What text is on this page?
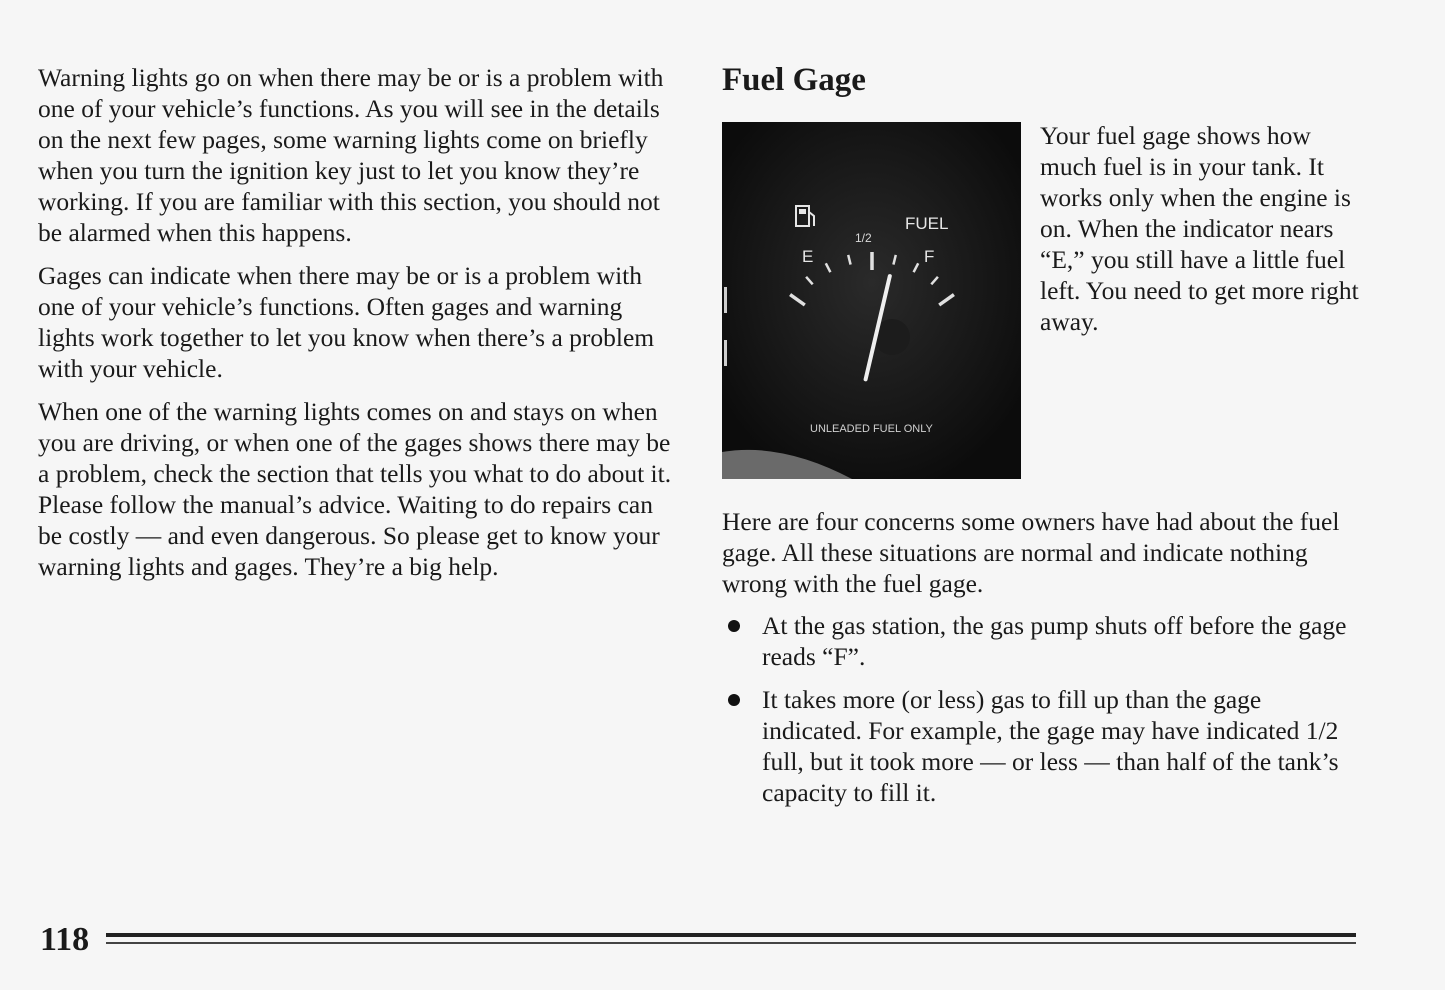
Warning lights go on when there may be or is a problem with one of your vehicle’s functions. As you will see in the details on the next few pages, some warning lights come on briefly when you turn the ignition key just to let you know they’re working. If you are familiar with this section, you should not be alarmed when this happens.

Gages can indicate when there may be or is a problem with one of your vehicle’s functions. Often gages and warning lights work together to let you know when there’s a problem with your vehicle.

When one of the warning lights comes on and stays on when you are driving, or when one of the gages shows there may be a problem, check the section that tells you what to do about it. Please follow the manual’s advice. Waiting to do repairs can be costly — and even dangerous. So please get to know your warning lights and gages. They’re a big help.

Fuel Gage
1/2
FUEL
E	F
UNLEADED FUEL ONLY
Your fuel gage shows how much fuel is in your tank. It works only when the engine is on. When the indicator nears “E,” you still have a little fuel left. You need to get more right away.

Here are four concerns some owners have had about the fuel gage. All these situations are normal and indicate nothing wrong with the fuel gage.

At the gas station, the gas pump shuts off before the gage reads “F”.
It takes more (or less) gas to fill up than the gage indicated. For example, the gage may have indicated 1/2 full, but it took more — or less — than half of the tank’s capacity to fill it.
118
